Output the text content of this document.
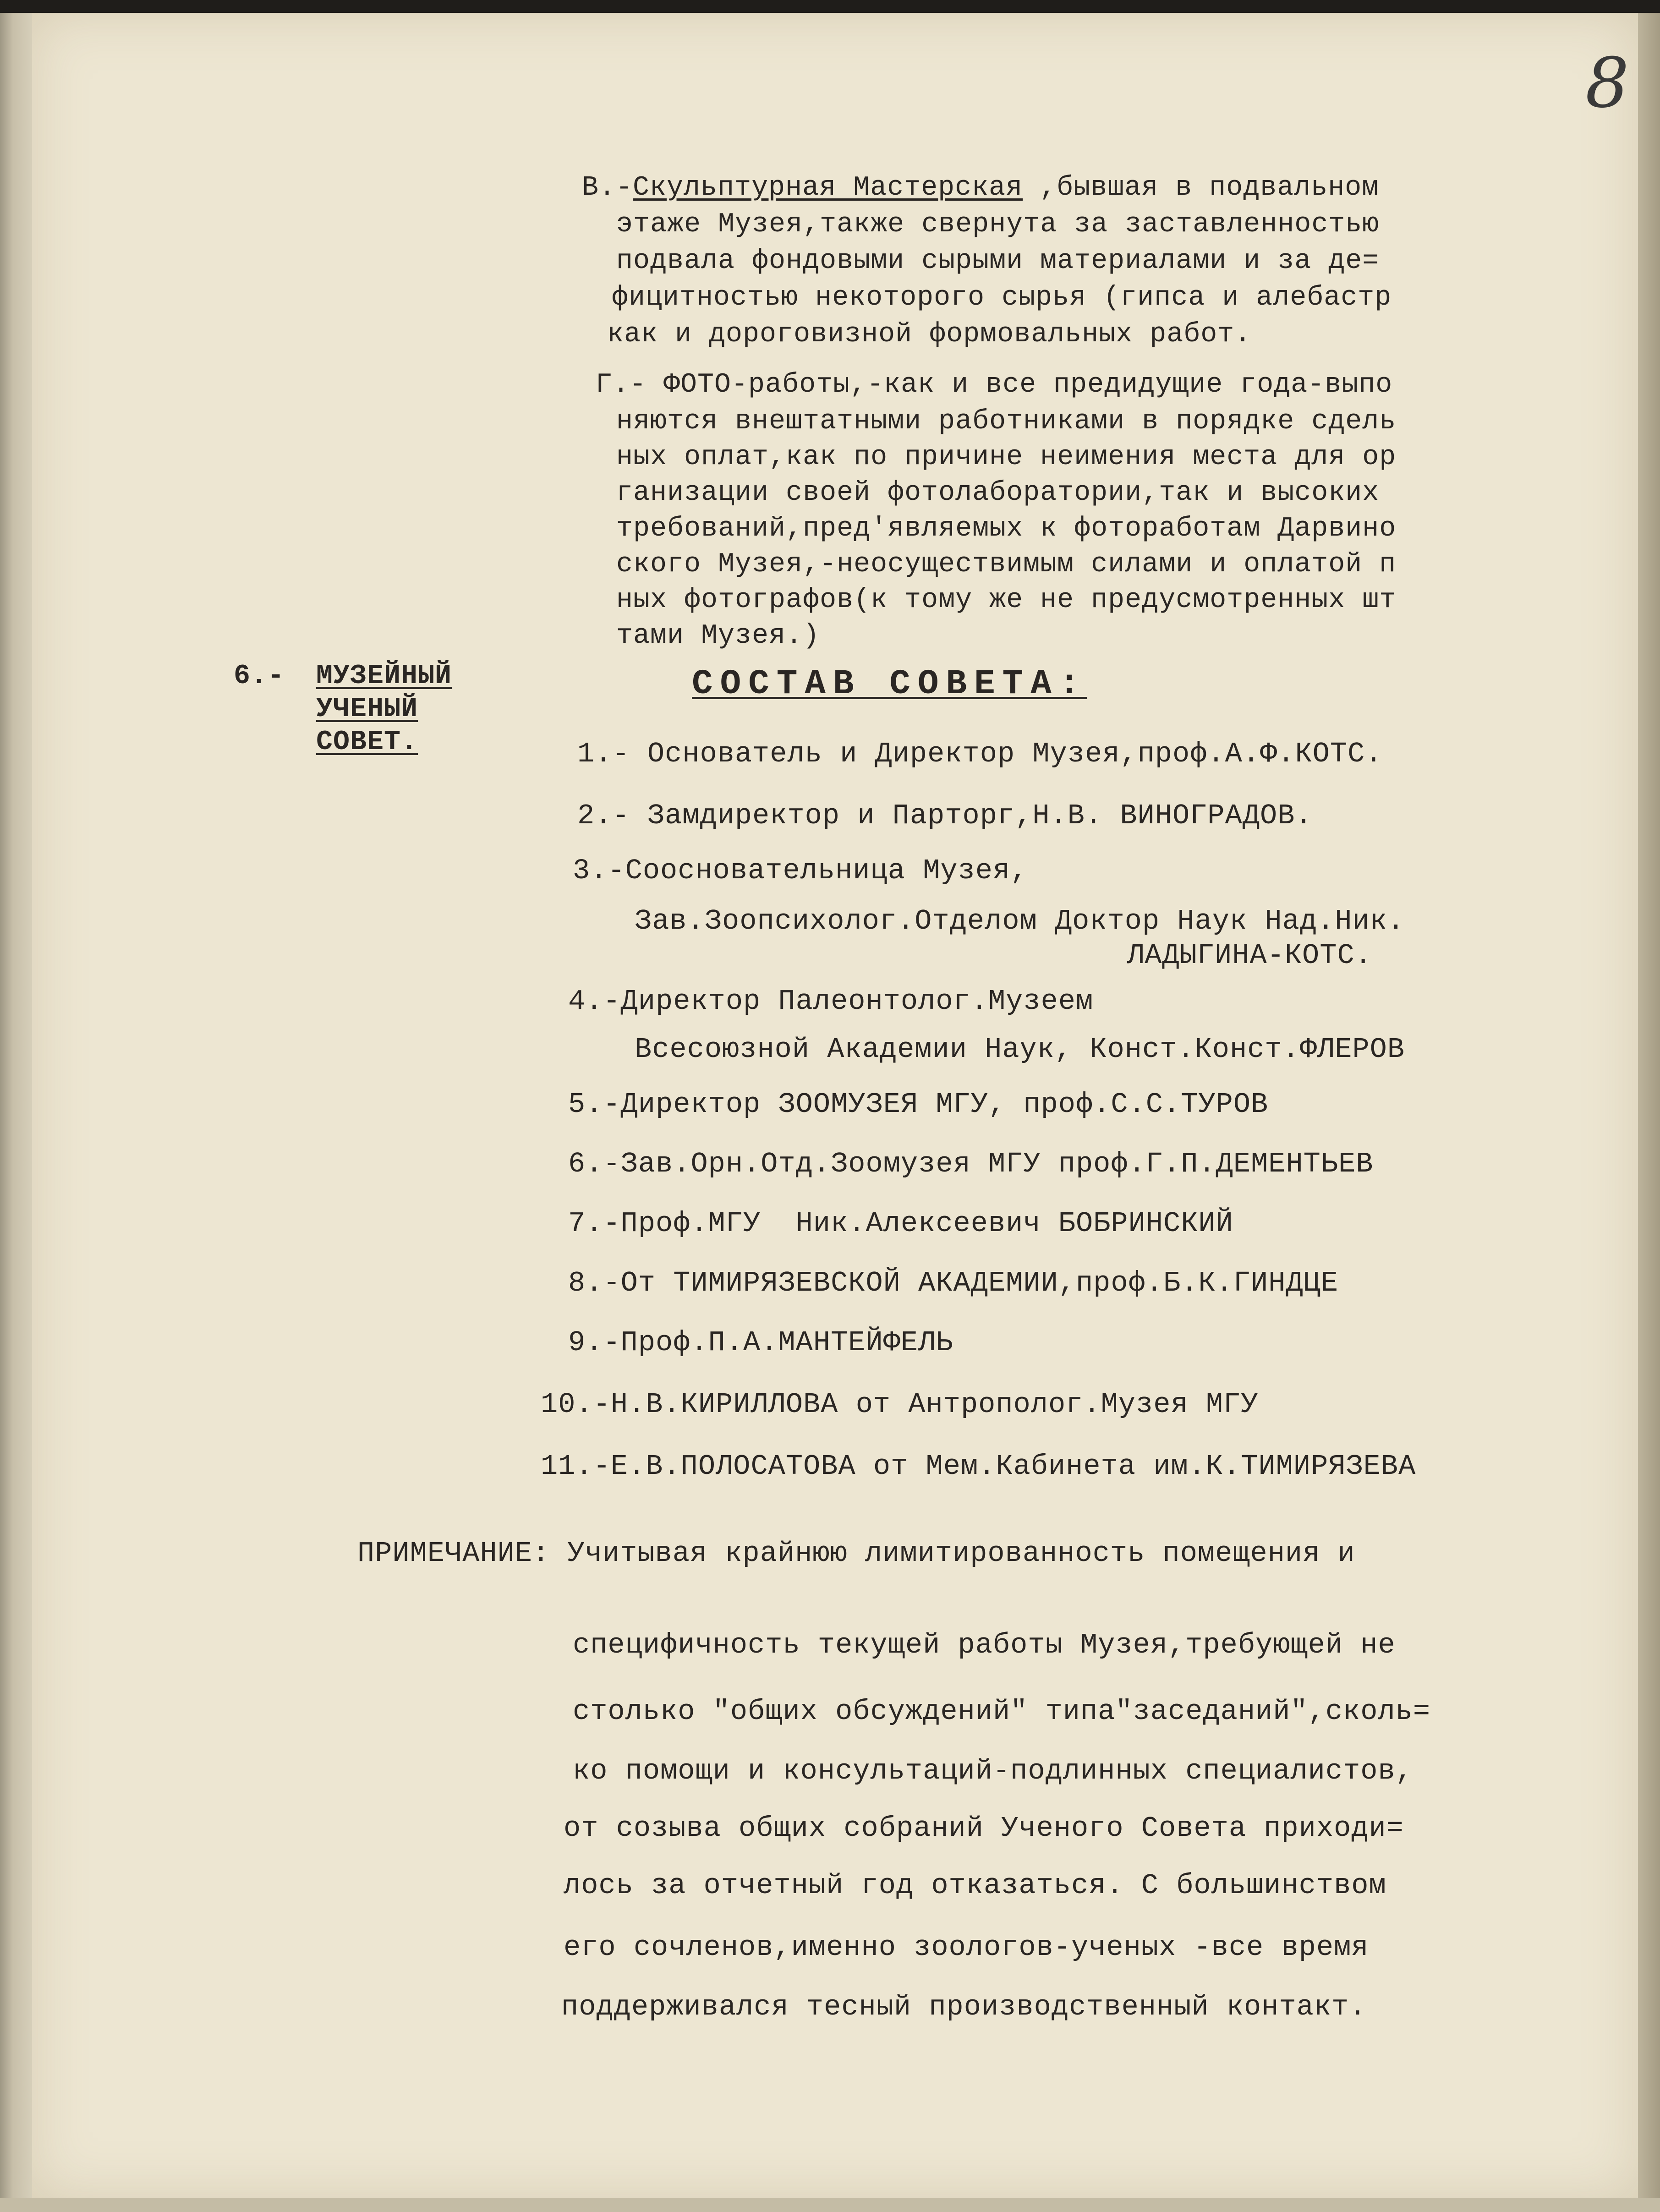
8
В.-Скульптурная Мастерская ,бывшая в подвальном
этаже Музея,также свернута за заставленностью
подвала фондовыми сырыми материалами и за де=
фицитностью некоторого сырья (гипса и алебастр
как и дороговизной формовальных работ.
Г.- ФОТО-работы,-как и все предидущие года-выпо
няются внештатными работниками в порядке сдель
ных оплат,как по причине неимения места для ор
ганизации своей фотолаборатории,так и высоких
требований,пред'являемых к фотоработам Дарвино
ского Музея,-неосуществимым силами и оплатой п
ных фотографов(к тому же не предусмотренных шт
тами Музея.)
6.- МУЗЕЙНЫЙ
УЧЕНЫЙ
СОВЕТ.
СОСТАВ СОВЕТА:
1.- Основатель и Директор Музея,проф.А.Ф.КОТС.
2.- Замдиректор и Парторг,Н.В. ВИНОГРАДОВ.
3.-Соосновательница Музея,
Зав.Зоопсихолог.Отделом Доктор Наук Над.Ник.
ЛАДЫГИНА-КОТС.
4.-Директор Палеонтолог.Музеем
Всесоюзной Академии Наук, Конст.Конст.ФЛЕРОВ
5.-Директор ЗООМУЗЕЯ МГУ, проф.С.С.ТУРОВ
6.-Зав.Орн.Отд.Зоомузея МГУ проф.Г.П.ДЕМЕНТЬЕВ
7.-Проф.МГУ  Ник.Алексеевич БОБРИНСКИЙ
8.-От ТИМИРЯЗЕВСКОЙ АКАДЕМИИ,проф.Б.К.ГИНДЦЕ
9.-Проф.П.А.МАНТЕЙФЕЛЬ
10.-Н.В.КИРИЛЛОВА от Антрополог.Музея МГУ
11.-Е.В.ПОЛОСАТОВА от Мем.Кабинета им.К.ТИМИРЯЗЕВА
ПРИМЕЧАНИЕ: Учитывая крайнюю лимитированность помещения и
специфичность текущей работы Музея,требующей не
столько "общих обсуждений" типа"заседаний",сколь=
ко помощи и консультаций-подлинных специалистов,
от созыва общих собраний Ученого Совета приходи=
лось за отчетный год отказаться. С большинством
его сочленов,именно зоологов-ученых -все время
поддерживался тесный производственный контакт.
